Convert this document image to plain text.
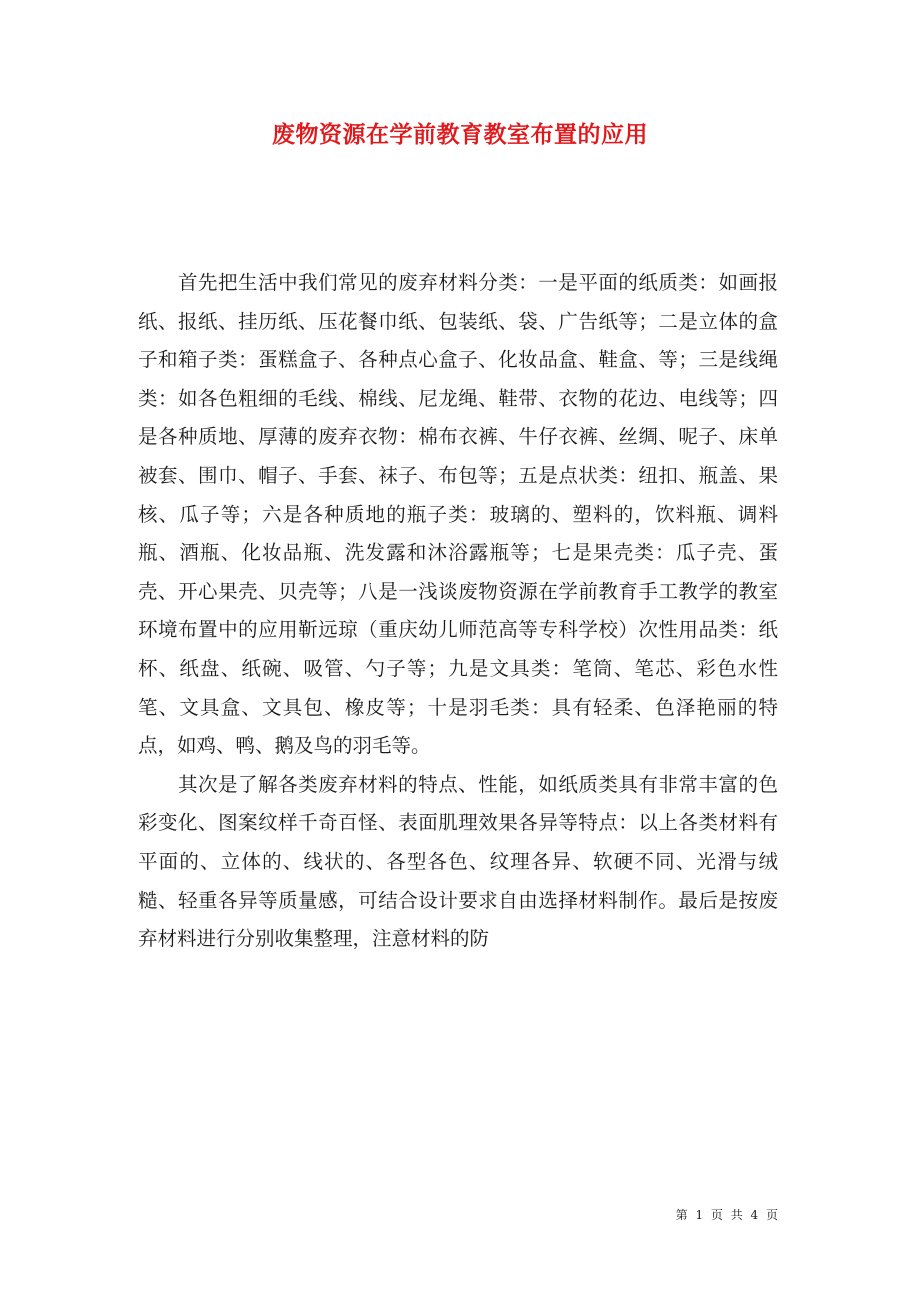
废物资源在学前教育教室布置的应用

首先把生活中我们常见的废弃材料分类：一是平面的纸质类：如画报纸、报纸、挂历纸、压花餐巾纸、包装纸、袋、广告纸等；二是立体的盒子和箱子类：蛋糕盒子、各种点心盒子、化妆品盒、鞋盒、等；三是线绳类：如各色粗细的毛线、棉线、尼龙绳、鞋带、衣物的花边、电线等；四是各种质地、厚薄的废弃衣物：棉布衣裤、牛仔衣裤、丝绸、呢子、床单被套、围巾、帽子、手套、袜子、布包等；五是点状类：纽扣、瓶盖、果核、瓜子等；六是各种质地的瓶子类：玻璃的、塑料的，饮料瓶、调料瓶、酒瓶、化妆品瓶、洗发露和沐浴露瓶等；七是果壳类：瓜子壳、蛋壳、开心果壳、贝壳等；八是一浅谈废物资源在学前教育手工教学的教室环境布置中的应用靳远琼（重庆幼儿师范高等专科学校）次性用品类：纸杯、纸盘、纸碗、吸管、勺子等；九是文具类：笔筒、笔芯、彩色水性笔、文具盒、文具包、橡皮等；十是羽毛类：具有轻柔、色泽艳丽的特点，如鸡、鸭、鹅及鸟的羽毛等。

其次是了解各类废弃材料的特点、性能，如纸质类具有非常丰富的色彩变化、图案纹样千奇百怪、表面肌理效果各异等特点：以上各类材料有平面的、立体的、线状的、各型各色、纹理各异、软硬不同、光滑与绒糙、轻重各异等质量感，可结合设计要求自由选择材料制作。最后是按废弃材料进行分别收集整理，注意材料的防

第 1 页 共 4 页
